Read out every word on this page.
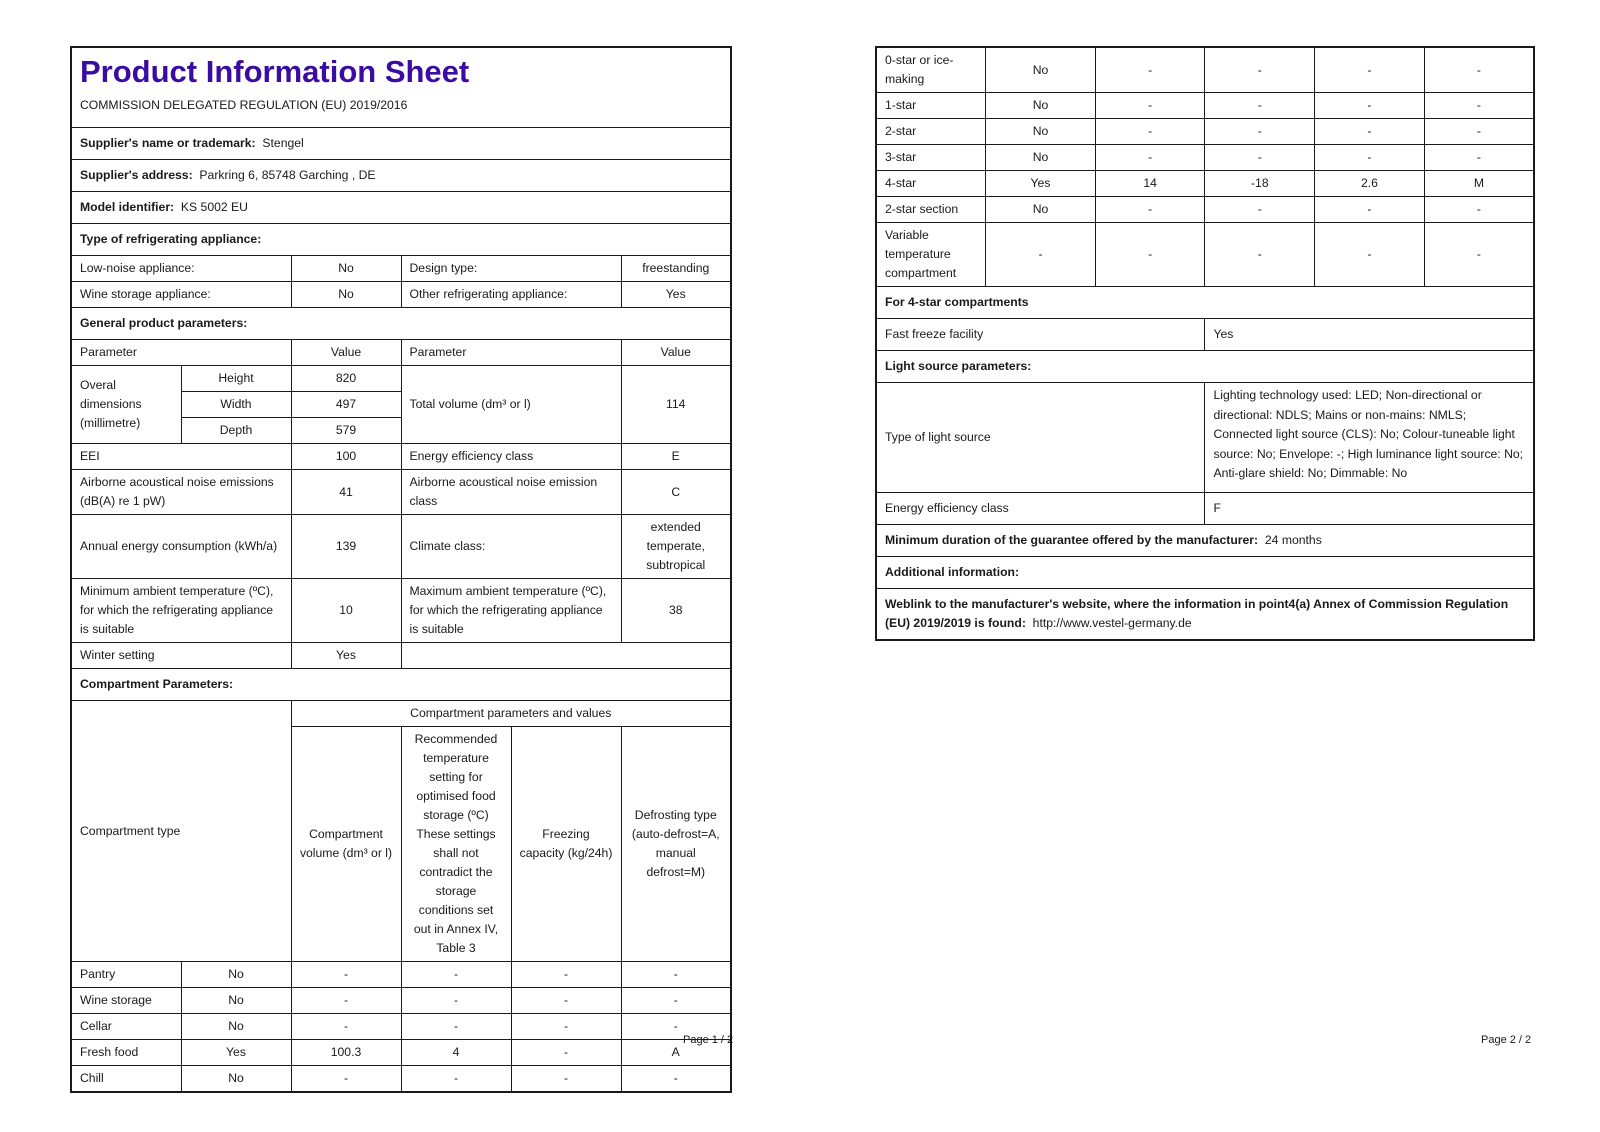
Product Information Sheet
COMMISSION DELEGATED REGULATION (EU) 2019/2016					

Supplier's name or trademark: Stengel					
Supplier's address: Parkring 6, 85748 Garching , DE					
Model identifier: KS 5002 EU					
Type of refrigerating appliance:					
Low-noise appliance:		No	Design type:		freestanding
Wine storage appliance:		No	Other refrigerating appliance:		Yes
General product parameters:					
Parameter		Value	Parameter		Value
Overal dimensions (millimetre)	Height	820	Total volume (dm³ or l)		114
	Width	497			
	Depth	579			
EEI		100	Energy efficiency class		E
Airborne acoustical noise emissions (dB(A) re 1 pW)		41	Airborne acoustical noise emission class		C
Annual energy consumption (kWh/a)		139	Climate class:		extended temperate, subtropical
Minimum ambient temperature (ºC), for which the refrigerating appliance is suitable		10	Maximum ambient temperature (ºC), for which the refrigerating appliance is suitable		38
Winter setting		Yes			
Compartment Parameters:					
Compartment type		Compartment parameters and values			
		Compartment volume (dm³ or l)	Recommended temperature setting for optimised food storage (ºC) These settings shall not contradict the storage conditions set out in Annex IV, Table 3	Freezing capacity (kg/24h)	Defrosting type (auto-defrost=A, manual defrost=M)
Pantry	No	-	-	-	-
Wine storage	No	-	-	-	-
Cellar	No	-	-	-	-
Fresh food	Yes	100.3	4	-	A
Chill	No	-	-	-	-
Page 1 / 2
0-star or ice-making	No	-	-	-	-
1-star	No	-	-	-	-
2-star	No	-	-	-	-
3-star	No	-	-	-	-
4-star	Yes	14	-18	2.6	M
2-star section	No	-	-	-	-
Variable temperature compartment	-	-	-	-	-
For 4-star compartments					
Fast freeze facility			Yes		
Light source parameters:					
Type of light source			Lighting technology used: LED; Non-directional or directional: NDLS; Mains or non-mains: NMLS; Connected light source (CLS): No; Colour-tuneable light source: No; Envelope: -; High luminance light source: No; Anti-glare shield: No; Dimmable: No		
Energy efficiency class			F		
Minimum duration of the guarantee offered by the manufacturer: 24 months					
Additional information:					
Weblink to the manufacturer's website, where the information in point4(a) Annex of Commission Regulation (EU) 2019/2019 is found: http://www.vestel-germany.de					
Page 2 / 2
